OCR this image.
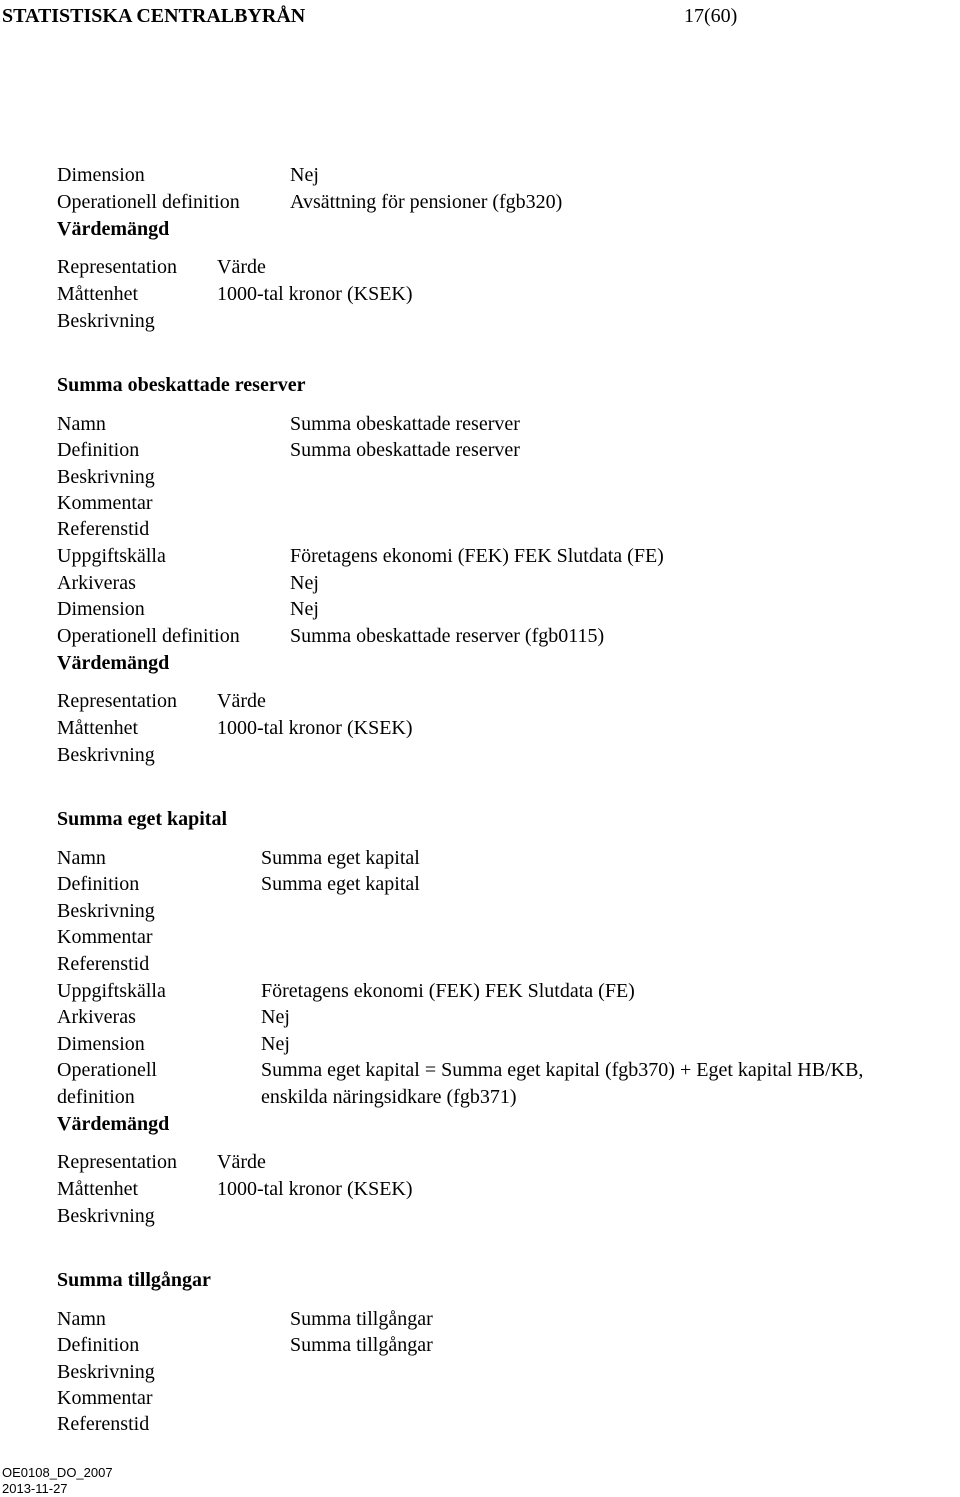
STATISTISKA CENTRALBYRÅN	17(60)
Dimension	Nej
Operationell definition	Avsättning för pensioner (fgb320)
Värdemängd
Representation Värde
Måttenhet	1000-tal kronor (KSEK)
Beskrivning
Summa obeskattade reserver
Namn	Summa obeskattade reserver
Definition	Summa obeskattade reserver
Beskrivning
Kommentar
Referenstid
Uppgiftskälla	Företagens ekonomi (FEK) FEK Slutdata (FE)
Arkiveras	Nej
Dimension	Nej
Operationell definition	Summa obeskattade reserver (fgb0115)
Värdemängd
Representation Värde
Måttenhet	1000-tal kronor (KSEK)
Beskrivning
Summa eget kapital
Namn	Summa eget kapital
Definition	Summa eget kapital
Beskrivning
Kommentar
Referenstid
Uppgiftskälla	Företagens ekonomi (FEK) FEK Slutdata (FE)
Arkiveras	Nej
Dimension	Nej
Operationell	Summa eget kapital = Summa eget kapital (fgb370) + Eget kapital HB/KB,
definition	enskilda näringsidkare (fgb371)
Värdemängd
Representation Värde
Måttenhet	1000-tal kronor (KSEK)
Beskrivning
Summa tillgångar
Namn	Summa tillgångar
Definition	Summa tillgångar
Beskrivning
Kommentar
Referenstid
OE0108_DO_2007
2013-11-27
